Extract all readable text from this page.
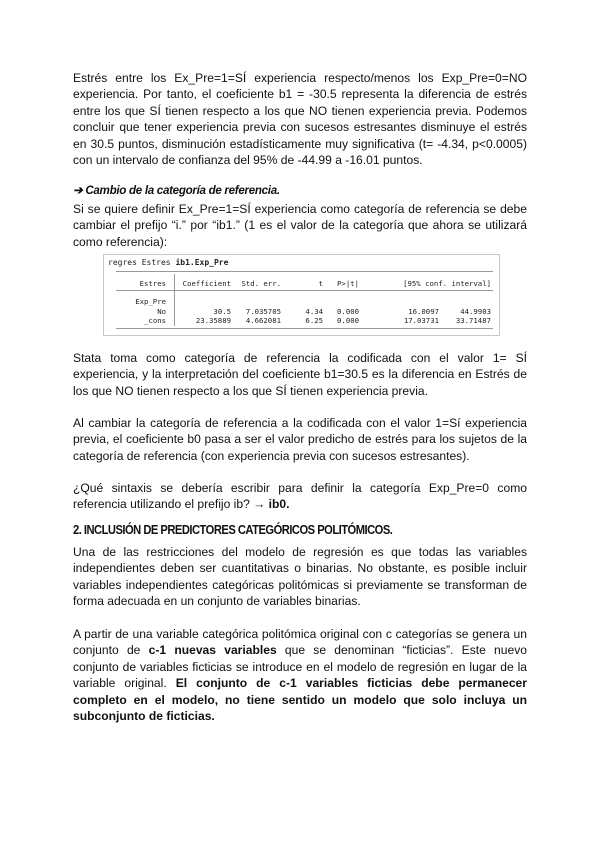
Estrés entre los Ex_Pre=1=SÍ experiencia respecto/menos los Exp_Pre=0=NO experiencia. Por tanto, el coeficiente b1 = -30.5 representa la diferencia de estrés entre los que SÍ tienen respecto a los que NO tienen experiencia previa. Podemos concluir que tener experiencia previa con sucesos estresantes disminuye el estrés en 30.5 puntos, disminución estadísticamente muy significativa (t= -4.34, p<0.0005) con un intervalo de confianza del 95% de -44.99 a -16.01 puntos.

➔ Cambio de la categoría de referencia.

Si se quiere definir Ex_Pre=1=SÍ experiencia como categoría de referencia se debe cambiar el prefijo “i.” por “ib1.” (1 es el valor de la categoría que ahora se utilizará como referencia):

regres Estres ib1.Exp_Pre
Estres Coefficient Std. err.	t P>|t|	[95% conf. interval]
Exp_Pre
No	30.5 7.035705	4.34 0.000	16.0097	44.9903
_cons	23.35889 4.662081	6.25 0.000	17.03731 33.71487

Stata toma como categoría de referencia la codificada con el valor 1= SÍ experiencia, y la interpretación del coeficiente b1=30.5 es la diferencia en Estrés de los que NO tienen respecto a los que SÍ tienen experiencia previa.

Al cambiar la categoría de referencia a la codificada con el valor 1=Sí experiencia previa, el coeficiente b0 pasa a ser el valor predicho de estrés para los sujetos de la categoría de referencia (con experiencia previa con sucesos estresantes).

¿Qué sintaxis se debería escribir para definir la categoría Exp_Pre=0 como referencia utilizando el prefijo ib? → ib0.

2. INCLUSIÓN DE PREDICTORES CATEGÓRICOS POLITÓMICOS.

Una de las restricciones del modelo de regresión es que todas las variables independientes deben ser cuantitativas o binarias. No obstante, es posible incluir variables independientes categóricas politómicas si previamente se transforman de forma adecuada en un conjunto de variables binarias.

A partir de una variable categórica politómica original con c categorías se genera un conjunto de c-1 nuevas variables que se denominan “ficticias”. Este nuevo conjunto de variables ficticias se introduce en el modelo de regresión en lugar de la variable original. El conjunto de c-1 variables ficticias debe permanecer completo en el modelo, no tiene sentido un modelo que solo incluya un subconjunto de ficticias.
